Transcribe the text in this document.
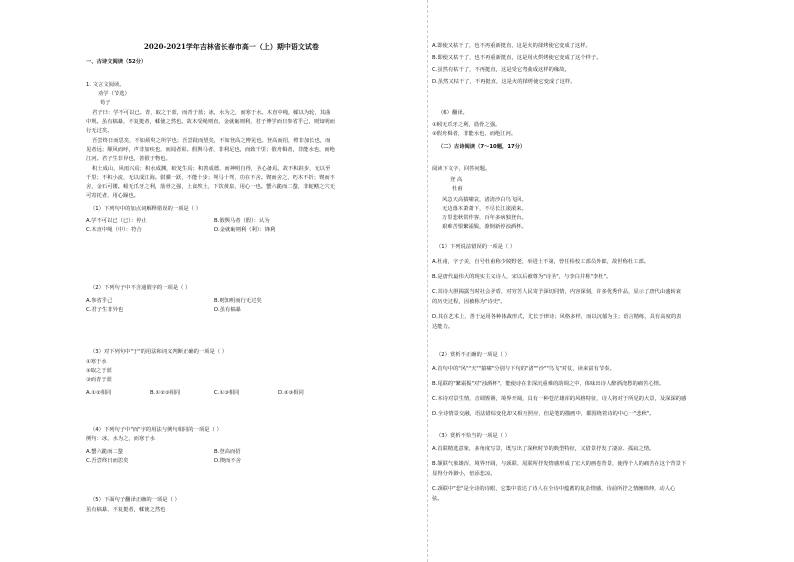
2020-2021学年吉林省长春市高一（上）期中语文试卷
一、古诗文阅读（52分）
1. 文言文阅读。
劝学（节选）
荀子
君子曰：学不可以已。青，取之于蓝，而青于蓝；冰，水为之，而寒于水。木直中绳，輮以为轮，其曲
中规。虽有槁暴，不复挺者，輮使之然也。故木受绳则直，金就砺则利，君子博学而日参省乎己，则知明而
行无过矣。
吾尝终日而思矣，不如须臾之所学也；吾尝跂而望矣，不如登高之博见也。登高而招，臂非加长也，而
见者远；顺风而呼，声非加疾也，而闻者彰。假舆马者，非利足也，而致千里；假舟楫者，非能水也，而绝
江河。君子生非异也，善假于物也。
积土成山，风雨兴焉；积水成渊，蛟龙生焉；积善成德，而神明自得，圣心备焉。故不积跬步，无以至
千里；不积小流，无以成江海。骐骥一跃，不能十步；驽马十驾，功在不舍。锲而舍之，朽木不折；锲而不
舍，金石可镂。蚓无爪牙之利，筋骨之强，上食埃土，下饮黄泉，用心一也。蟹六跪而二螯，非蛇鳝之穴无
可寄托者，用心躁也。
（1）下列句中的加点词解释错误的一项是（ ）
A.学不可以已（已）：停止	B.假舆马者（假）：认为
C.木直中绳（中）：符合	D.金就砺则利（利）：锋利
（2）下列句子中不含通假字的一项是（ ）
A.参省乎己	B.则知明而行无过矣
C.君子生非异也	D.虽有槁暴
（3）对下列句中"于"的用法和词义判断正确的一项是（ ）
①寒于水
②取之于蓝
③而青于蓝
A.①②相同	B.①②③相同	C.①③相同	D.②③相同
（4）下列句子中"而"字的用法与例句相同的一项是（ ）
例句：冰，水为之，而寒于水
A.蟹六跪而二螯	B.登高而招
C.吾尝终日而思矣	D.锲而不舍
（5）下面句子翻译正确的一项是（ ）
虽有槁暴，不复挺者，輮使之然也
A.即使又枯干了，也不再重新挺直，这是火的揉烤使它变成了这样。
B.即使又枯干了，也不再重新挺直，这是用火烘烤使它变成了这个样子。
C.虽然有枯干了，不再挺直，这是受它弯曲成这样的缘故。
D.虽然又枯干了，不再挺直，这是火的揉烤使它变成了这样。
（6）翻译。
①蚓无爪牙之利，筋骨之强。
②假舟楫者，非能水也，而绝江河。
（二）古诗阅读（7～10题，17分）
阅读下文字，回答问题。
登 高
杜甫
风急天高猿啸哀，渚清沙白鸟飞回。
无边落木萧萧下，不尽长江滚滚来。
万里悲秋常作客，百年多病独登台。
艰难苦恨繁霜鬓，潦倒新停浊酒杯。
（1）下列说法错误的一项是（ ）
A.杜甫，字子美，自号杜甫称少陵野老，举进士不第，曾任检校工部员外郎，故世称杜工部。
B.是唐代最伟大的现实主义诗人，宋以后被尊为"诗圣"，与李白并称"李杜"。
C.其诗大胆揭露当时社会矛盾，对穷苦人民寄予深切同情，内容深刻，许多优秀作品，显示了唐代由盛转衰
的历史过程，因被称为"诗史"。
D.其在艺术上，善于运用各种体裁形式，尤长于律诗；风格多样，而以沉郁为主；语言精练，具有高度的表
达能力。
（2）赏析不正确的一项是（ ）
A.首句中的"风""天""猿啸"分别与下句的"渚""沙""鸟飞"对仗，读来富有节奏。
B.尾联的"繁霜鬓"对"浊酒杯"，能使诗在非深沉重难的韵调之中，体味出诗人醉酒浇愁的痛苦心情。
C.本诗对景生情，音调铿锵，境界开阔，具有一种苍茫雄浑的风格特征，诗人将对于所见的大景，及深深的感
D.全诗情景交融，语法错综变化却又相互照应，但是笔的描画中，都围绕着诗的中心一"悲秋"。
（3）赏析不恰当的一项是（ ）
A.首联精选意象，多角度写景，既写出了深秋时节的典型特征，又借景抒发了凄凉、孤寂之情。
B.颔联气象雄浑，境界开阔，与颈联、尾联所抒发情感形成了宏大的画卷背景，使得个人的痛苦在这个背景下
显得分外渺小，倍添悲凉。
C.颈联中"悲"是全诗的诗眼，它集中表达了诗人在全诗中蕴蓄的复杂情感，诗前所抒之情缠绵伸，动人心
弦。
